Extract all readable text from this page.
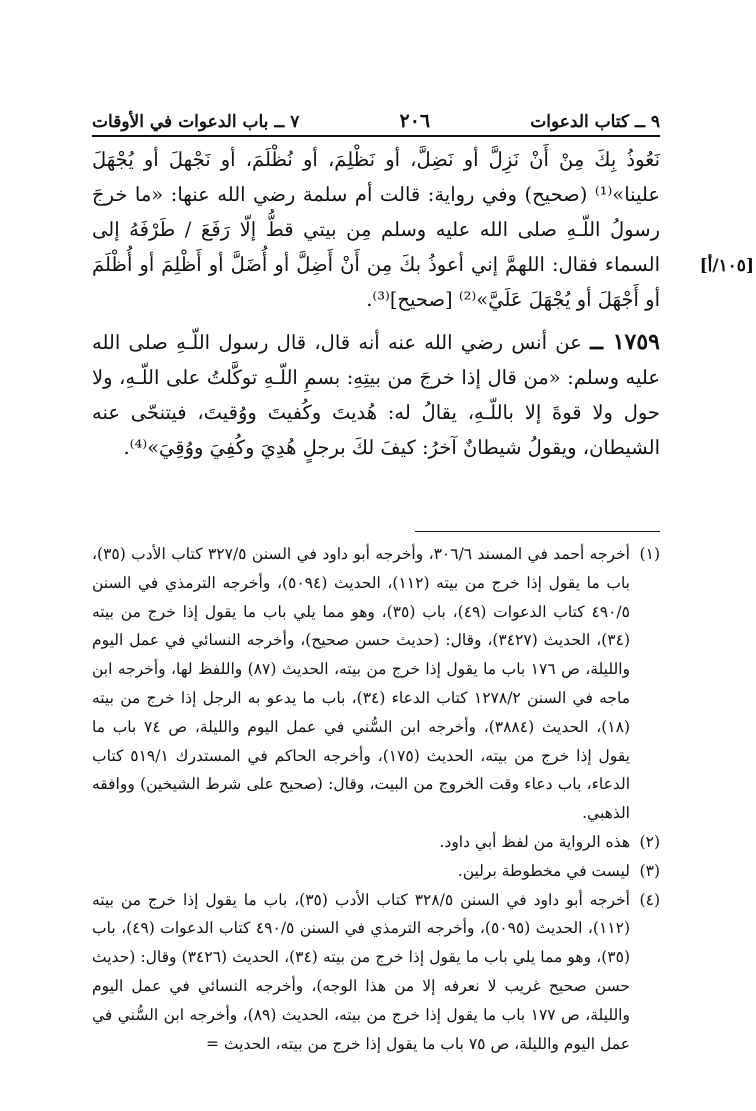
٩ ــ كتاب الدعوات
٢٠٦
٧ ــ باب الدعوات في الأوقات
[١٠٥/أ]

نَعُوذُ بِكَ مِنْ أَنْ نَزِلَّ أو نَضِلَّ، أو نَظْلِمَ، أو نُظْلَمَ، أو نَجْهلَ أو يُجْهَلَ علينا»⁽¹⁾ (صحيح) وفي رواية: قالت أم سلمة رضي الله عنها: «ما خرجَ رسولُ اللّـهِ صلى الله عليه وسلم مِن بيتي قطُّ إلّا رَفَعَ / طَرْفَهُ إلى السماء فقال: اللهمَّ إني أعوذُ بكَ مِن أَنْ أَضِلَّ أو أُضَلَّ أو أَظْلِمَ أو أُظْلَمَ أو أَجْهَلَ أو يُجْهَلَ عَلَيَّ»⁽²⁾ [صحيح]⁽³⁾.

١٧٥٩ ــ عن أنس رضي الله عنه أنه قال، قال رسول اللّـهِ صلى الله عليه وسلم: «من قال إذا خرجَ من بيتِهِ: بسمِ اللّـهِ توكَّلتُ على اللّـهِ، ولا حول ولا قوةَ إلا باللّـهِ، يقالُ له: هُديتَ وكُفيتَ ووُقيتَ، فيتنحّى عنه الشيطان، ويقولُ شيطانٌ آخرُ: كيفَ لكَ برجلٍ هُدِيَ وكُفِيَ ووُقِيَ»⁽⁴⁾.

(١)
أخرجه أحمد في المسند ٣٠٦/٦، وأخرجه أبو داود في السنن ٣٢٧/٥ كتاب الأدب (٣٥)، باب ما يقول إذا خرج من بيته (١١٢)، الحديث (٥٠٩٤)، وأخرجه الترمذي في السنن ٤٩٠/٥ كتاب الدعوات (٤٩)، باب (٣٥)، وهو مما يلي باب ما يقول إذا خرج من بيته (٣٤)، الحديث (٣٤٢٧)، وقال: (حديث حسن صحيح)، وأخرجه النسائي في عمل اليوم والليلة، ص ١٧٦ باب ما يقول إذا خرج من بيته، الحديث (٨٧) واللفظ لها، وأخرجه ابن ماجه في السنن ١٢٧٨/٢ كتاب الدعاء (٣٤)، باب ما يدعو به الرجل إذا خرج من بيته (١٨)، الحديث (٣٨٨٤)، وأخرجه ابن السُّني في عمل اليوم والليلة، ص ٧٤ باب ما يقول إذا خرج من بيته، الحديث (١٧٥)، وأخرجه الحاكم في المستدرك ٥١٩/١ كتاب الدعاء، باب دعاء وقت الخروج من البيت، وقال: (صحيح على شرط الشيخين) ووافقه الذهبي.
(٢)
هذه الرواية من لفظ أبي داود.
(٣)
ليست في مخطوطة برلين.
(٤)
أخرجه أبو داود في السنن ٣٢٨/٥ كتاب الأدب (٣٥)، باب ما يقول إذا خرج من بيته (١١٢)، الحديث (٥٠٩٥)، وأخرجه الترمذي في السنن ٤٩٠/٥ كتاب الدعوات (٤٩)، باب (٣٥)، وهو مما يلي باب ما يقول إذا خرج من بيته (٣٤)، الحديث (٣٤٢٦) وقال: (حديث حسن صحيح غريب لا نعرفه إلا من هذا الوجه)، وأخرجه النسائي في عمل اليوم والليلة، ص ١٧٧ باب ما يقول إذا خرج من بيته، الحديث (٨٩)، وأخرجه ابن السُّني في عمل اليوم والليلة، ص ٧٥ باب ما يقول إذا خرج من بيته، الحديث =
